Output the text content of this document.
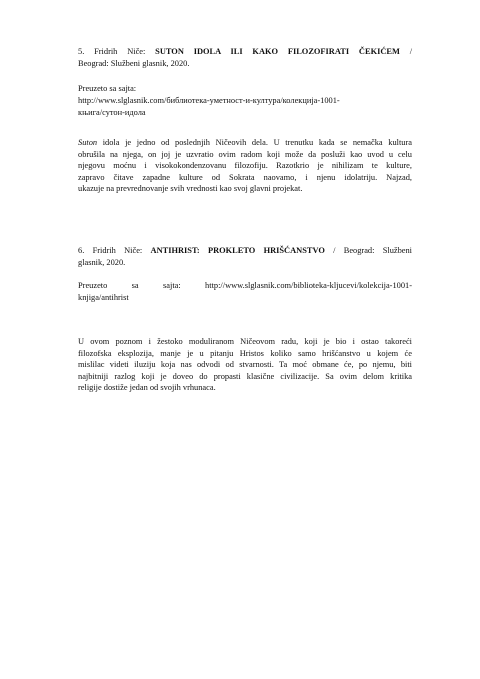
5. Fridrih Niče: SUTON IDOLA ILI KAKO FILOZOFIRATI ČEKIĆEM /

Beograd: Službeni glasnik, 2020.

Preuzeto sa sajta:

http://www.slglasnik.com/библиотека-уметност-и-култура/колекција-1001-

књига/сутон-идола

Suton idola je jedno od poslednjih Ničeovih dela. U trenutku kada se nemačka kultura

obrušila na njega, on joj je uzvratio ovim radom koji može da posluži kao uvod u celu

njegovu moćnu i visokokondenzovanu filozofiju. Razotkrio je nihilizam te kulture,

zapravo čitave zapadne kulture od Sokrata naovamo, i njenu idolatriju. Najzad,

ukazuje na prevrednovanje svih vrednosti kao svoj glavni projekat.

6. Fridrih Niče: ANTIHRIST: PROKLETO HRIŠĆANSTVO / Beograd: Službeni

glasnik, 2020.

Preuzeto sa sajta: http://www.slglasnik.com/biblioteka-kljucevi/kolekcija-1001-

knjiga/antihrist

U ovom poznom i žestoko moduliranom Ničeovom radu, koji je bio i ostao takoreći

filozofska eksplozija, manje je u pitanju Hristos koliko samo hrišćanstvo u kojem će

mislilac videti iluziju koja nas odvodi od stvarnosti. Ta moć obmane će, po njemu, biti

najbitniji razlog koji je doveo do propasti klasične civilizacije. Sa ovim delom kritika

religije dostiže jedan od svojih vrhunaca.
